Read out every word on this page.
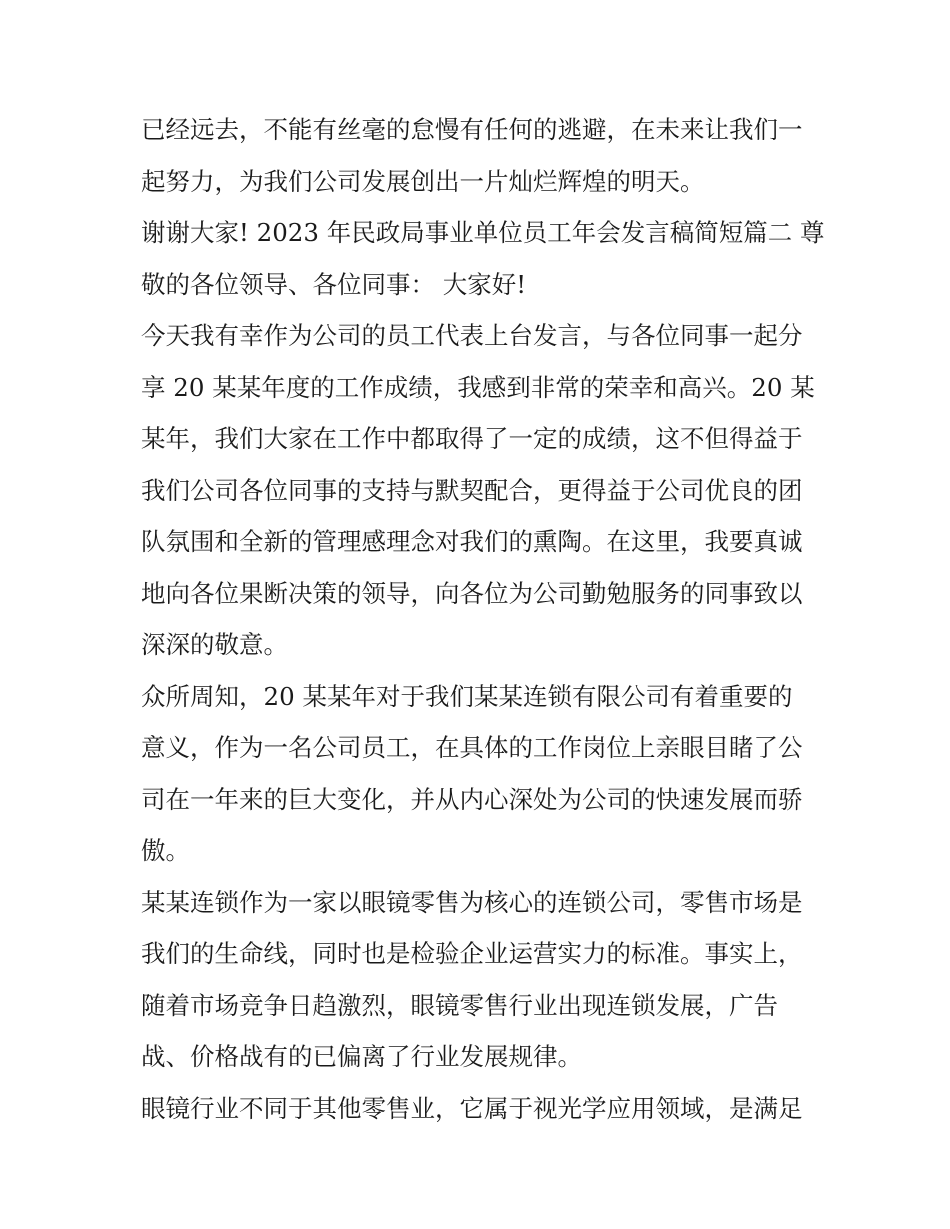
已经远去，不能有丝毫的怠慢有任何的逃避，在未来让我们一
起努力，为我们公司发展创出一片灿烂辉煌的明天。

谢谢大家! 2023 年民政局事业单位员工年会发言稿简短篇二 尊
敬的各位领导、各位同事： 大家好!

今天我有幸作为公司的员工代表上台发言，与各位同事一起分
享 20 某某年度的工作成绩，我感到非常的荣幸和高兴。20 某
某年，我们大家在工作中都取得了一定的成绩，这不但得益于
我们公司各位同事的支持与默契配合，更得益于公司优良的团
队氛围和全新的管理感理念对我们的熏陶。在这里，我要真诚
地向各位果断决策的领导，向各位为公司勤勉服务的同事致以
深深的敬意。

众所周知，20 某某年对于我们某某连锁有限公司有着重要的
意义，作为一名公司员工，在具体的工作岗位上亲眼目睹了公
司在一年来的巨大变化，并从内心深处为公司的快速发展而骄
傲。

某某连锁作为一家以眼镜零售为核心的连锁公司，零售市场是
我们的生命线，同时也是检验企业运营实力的标准。事实上，
随着市场竞争日趋激烈，眼镜零售行业出现连锁发展，广告
战、价格战有的已偏离了行业发展规律。

眼镜行业不同于其他零售业，它属于视光学应用领域，是满足
